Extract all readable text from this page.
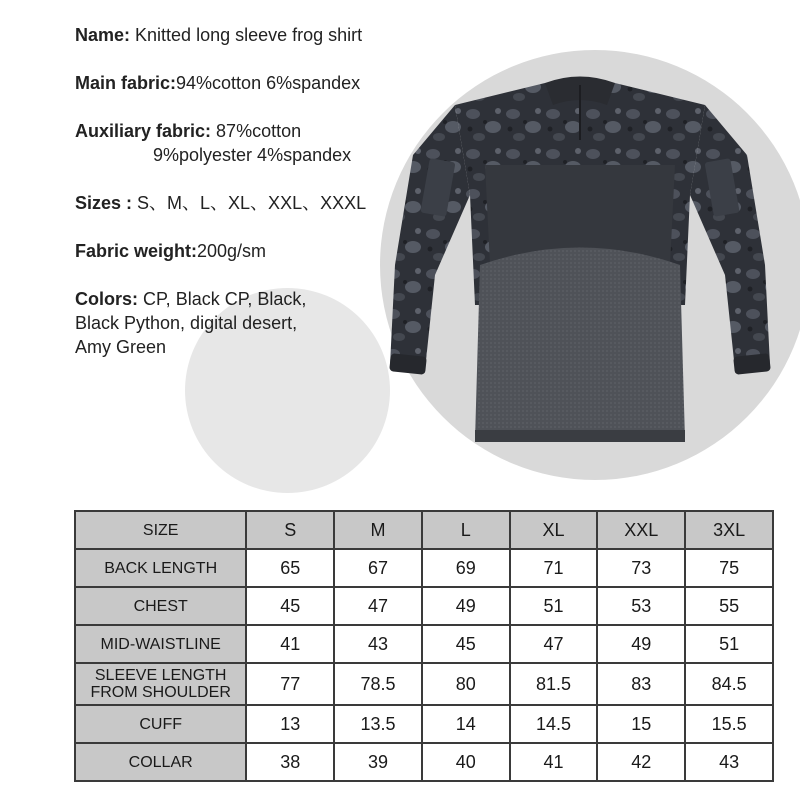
Name: Knitted long sleeve frog shirt
Main fabric:94%cotton 6%spandex
Auxiliary fabric: 87%cotton
9%polyester 4%spandex
Sizes : S、M、L、XL、XXL、XXXL
Fabric weight:200g/sm
Colors: CP, Black CP, Black,
Black Python, digital desert,
Amy Green
SIZE	S	M	L	XL	XXL	3XL
BACK LENGTH	65	67	69	71	73	75
CHEST	45	47	49	51	53	55
MID-WAISTLINE	41	43	45	47	49	51

SLEEVE LENGTH
FROM SHOULDER	77	78.5	80	81.5	83	84.5
CUFF	13	13.5	14	14.5	15	15.5
COLLAR	38	39	40	41	42	43
